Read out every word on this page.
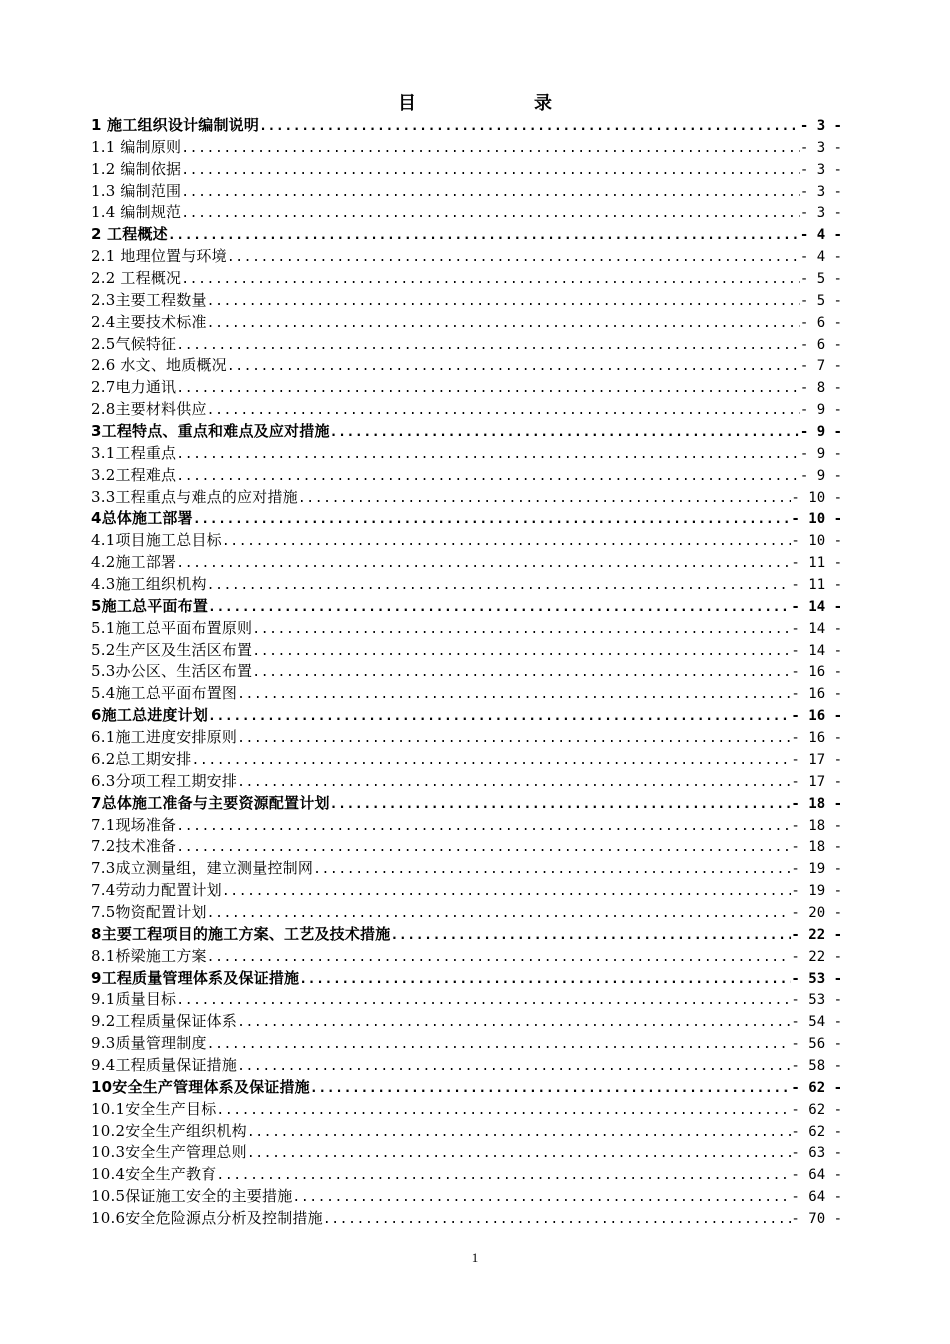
目	录
1 施工组织设计编制说明 .....	- 3 -
1.1 编制原则 .....	- 3 -
1.2 编制依据 .....	- 3 -
1.3 编制范围 .....	- 3 -
1.4 编制规范 .....	- 3 -
2 工程概述 .....	- 4 -
2.1 地理位置与环境 .....	- 4 -
2.2 工程概况 .....	- 5 -
2.3主要工程数量 .....	- 5 -
2.4主要技术标准 .....	- 6 -
2.5气候特征 .....	- 6 -
2.6 水文、地质概况 .....	- 7 -
2.7电力通讯 .....	- 8 -
2.8主要材料供应 .....	- 9 -
3工程特点、重点和难点及应对措施 .....	- 9 -
3.1工程重点 .....	- 9 -
3.2工程难点 .....	- 9 -
3.3工程重点与难点的应对措施 .....	- 10 -
4总体施工部署 .....	- 10 -
4.1项目施工总目标 .....	- 10 -
4.2施工部署 .....	- 11 -
4.3施工组织机构 .....	- 11 -
5施工总平面布置 .....	- 14 -
5.1施工总平面布置原则 .....	- 14 -
5.2生产区及生活区布置 .....	- 14 -
5.3办公区、生活区布置 .....	- 16 -
5.4施工总平面布置图 .....	- 16 -
6施工总进度计划 .....	- 16 -
6.1施工进度安排原则 .....	- 16 -
6.2总工期安排 .....	- 17 -
6.3分项工程工期安排 .....	- 17 -
7总体施工准备与主要资源配置计划 .....	- 18 -
7.1现场准备 .....	- 18 -
7.2技术准备 .....	- 18 -
7.3成立测量组，建立测量控制网 .....	- 19 -
7.4劳动力配置计划 .....	- 19 -
7.5物资配置计划 .....	- 20 -
8主要工程项目的施工方案、工艺及技术措施 .....	- 22 -
8.1桥梁施工方案 .....	- 22 -
9工程质量管理体系及保证措施 .....	- 53 -
9.1质量目标 .....	- 53 -
9.2工程质量保证体系 .....	- 54 -
9.3质量管理制度 .....	- 56 -
9.4工程质量保证措施 .....	- 58 -
10安全生产管理体系及保证措施 .....	- 62 -
10.1安全生产目标 .....	- 62 -
10.2安全生产组织机构 .....	- 62 -
10.3安全生产管理总则 .....	- 63 -
10.4安全生产教育 .....	- 64 -
10.5保证施工安全的主要措施 .....	- 64 -
10.6安全危险源点分析及控制措施 .....	- 70 -
1
